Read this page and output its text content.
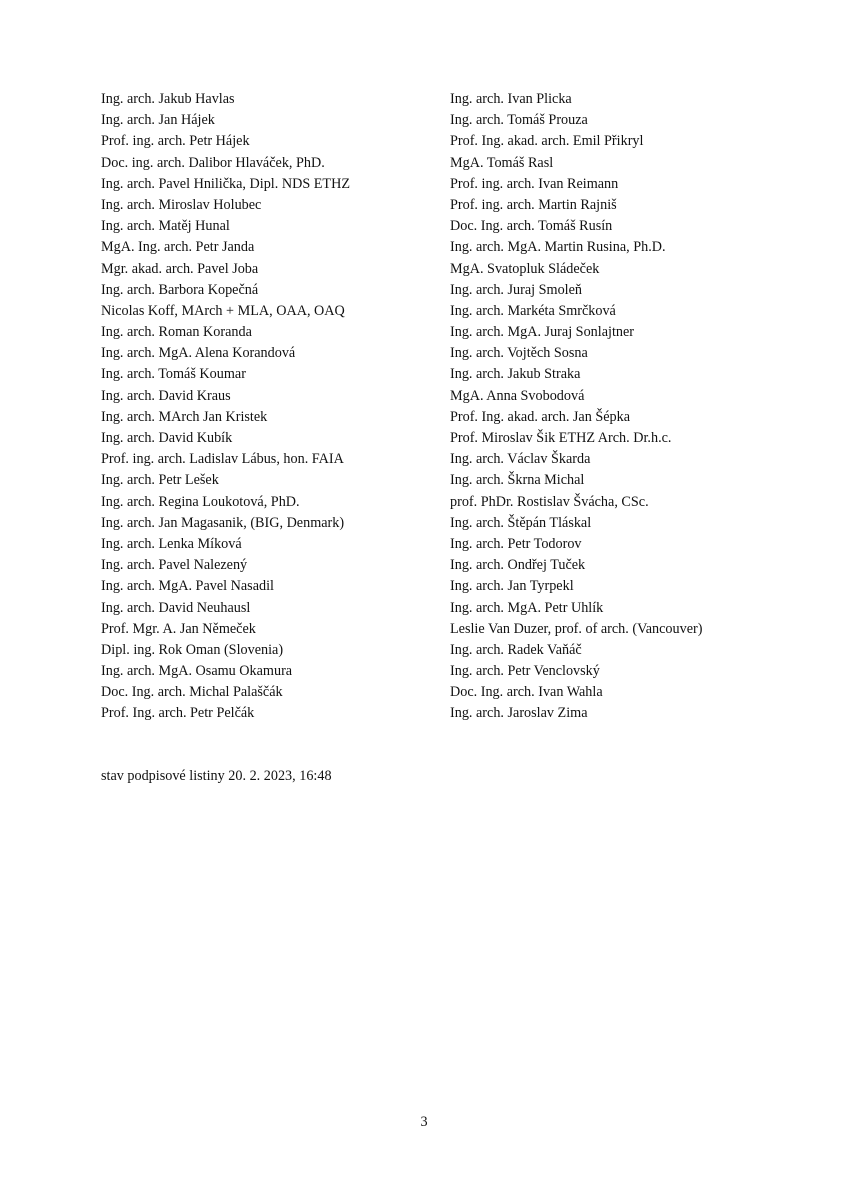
Ing. arch. Jakub Havlas
Ing. arch. Jan Hájek
Prof. ing. arch. Petr Hájek
Doc. ing. arch. Dalibor Hlaváček, PhD.
Ing. arch. Pavel Hnilička, Dipl. NDS ETHZ
Ing. arch. Miroslav Holubec
Ing. arch. Matěj Hunal
MgA. Ing. arch. Petr Janda
Mgr. akad. arch. Pavel Joba
Ing. arch. Barbora Kopečná
Nicolas Koff, MArch + MLA, OAA, OAQ
Ing. arch. Roman Koranda
Ing. arch. MgA. Alena Korandová
Ing. arch. Tomáš Koumar
Ing. arch. David Kraus
Ing. arch. MArch Jan Kristek
Ing. arch. David Kubík
Prof. ing. arch. Ladislav Lábus, hon. FAIA
Ing. arch. Petr Lešek
Ing. arch. Regina Loukotová, PhD.
Ing. arch. Jan Magasanik, (BIG, Denmark)
Ing. arch. Lenka Míková
Ing. arch. Pavel Nalezený
Ing. arch. MgA. Pavel Nasadil
Ing. arch. David Neuhausl
Prof. Mgr. A. Jan Němeček
Dipl. ing. Rok Oman (Slovenia)
Ing. arch. MgA. Osamu Okamura
Doc. Ing. arch. Michal Palaščák
Prof. Ing. arch. Petr Pelčák
Ing. arch. Ivan Plicka
Ing. arch. Tomáš Prouza
Prof. Ing. akad. arch. Emil Přikryl
MgA. Tomáš Rasl
Prof. ing. arch. Ivan Reimann
Prof. ing. arch. Martin Rajniš
Doc. Ing. arch. Tomáš Rusín
Ing. arch. MgA. Martin Rusina, Ph.D.
MgA. Svatopluk Sládeček
Ing. arch. Juraj Smoleň
Ing. arch. Markéta Smrčková
Ing. arch. MgA. Juraj Sonlajtner
Ing. arch. Vojtěch Sosna
Ing. arch. Jakub Straka
MgA. Anna Svobodová
Prof. Ing. akad. arch. Jan Šépka
Prof. Miroslav Šik ETHZ Arch. Dr.h.c.
Ing. arch. Václav Škarda
Ing. arch. Škrna Michal
prof. PhDr. Rostislav Švácha, CSc.
Ing. arch. Štěpán Tláskal
Ing. arch. Petr Todorov
Ing. arch. Ondřej Tuček
Ing. arch. Jan Tyrpekl
Ing. arch. MgA. Petr Uhlík
Leslie Van Duzer, prof. of arch. (Vancouver)
Ing. arch. Radek Vaňáč
Ing. arch. Petr Venclovský
Doc. Ing. arch. Ivan Wahla
Ing. arch. Jaroslav Zima
stav podpisové listiny 20. 2. 2023, 16:48
3
